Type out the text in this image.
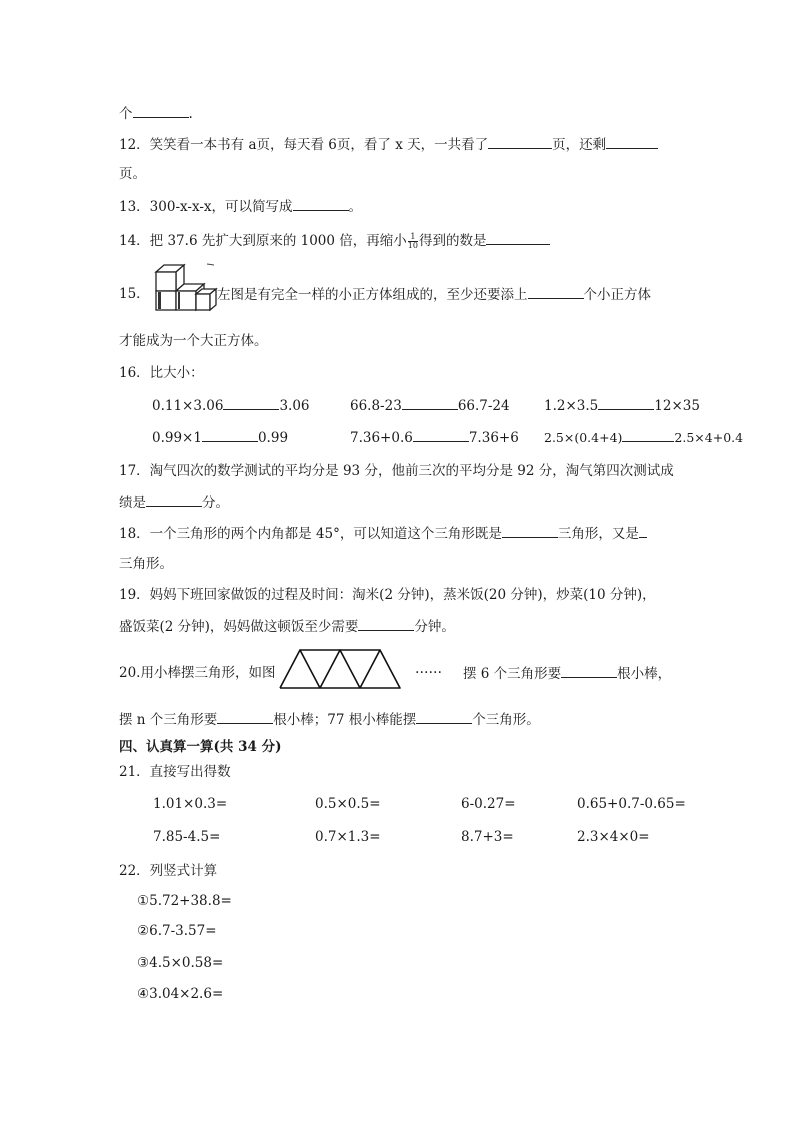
个	.
12．笑笑看一本书有 a页，每天看 6页，看了 x 天，一共看了	页，还剩
页。
13．300-x-x-x，可以简写成	。
14．把 37.6 先扩大到原来的 1000 倍，再缩小 $\frac{1}{10}$ 得到的数是
15．	左图是有完全一样的小正方体组成的，至少还要添上	个小正方体
才能成为一个大正方体。
16．比大小：
0.11×3.06	3.06	66.8-23	66.7-24	1.2×3.5	12×35
0.99×1	0.99	7.36+0.6	7.36+6 2.5×(0.4+4)	2.5×4+0.4
17．淘气四次的数学测试的平均分是 93 分，他前三次的平均分是 92 分，淘气第四次测试成
绩是	分。
18．一个三角形的两个内角都是 45°，可以知道这个三角形既是	三角形，又是
三角形。
19．妈妈下班回家做饭的过程及时间：淘米(2 分钟)，蒸米饭(20 分钟)，炒菜(10 分钟)，
盛饭菜(2 分钟)，妈妈做这顿饭至少需要	分钟。
20.用小棒摆三角形，如图	…… 摆 6 个三角形要	根小棒，
摆 n 个三角形要	根小棒；77 根小棒能摆	个三角形。
四、认真算一算(共 34 分)
21．直接写出得数
1.01×0.3=	0.5×0.5=	6-0.27=	0.65+0.7-0.65=
7.85-4.5=	0.7×1.3=	8.7+3=	2.3×4×0=
22．列竖式计算
①5.72+38.8=
②6.7-3.57=
③4.5×0.58=
④3.04×2.6=
